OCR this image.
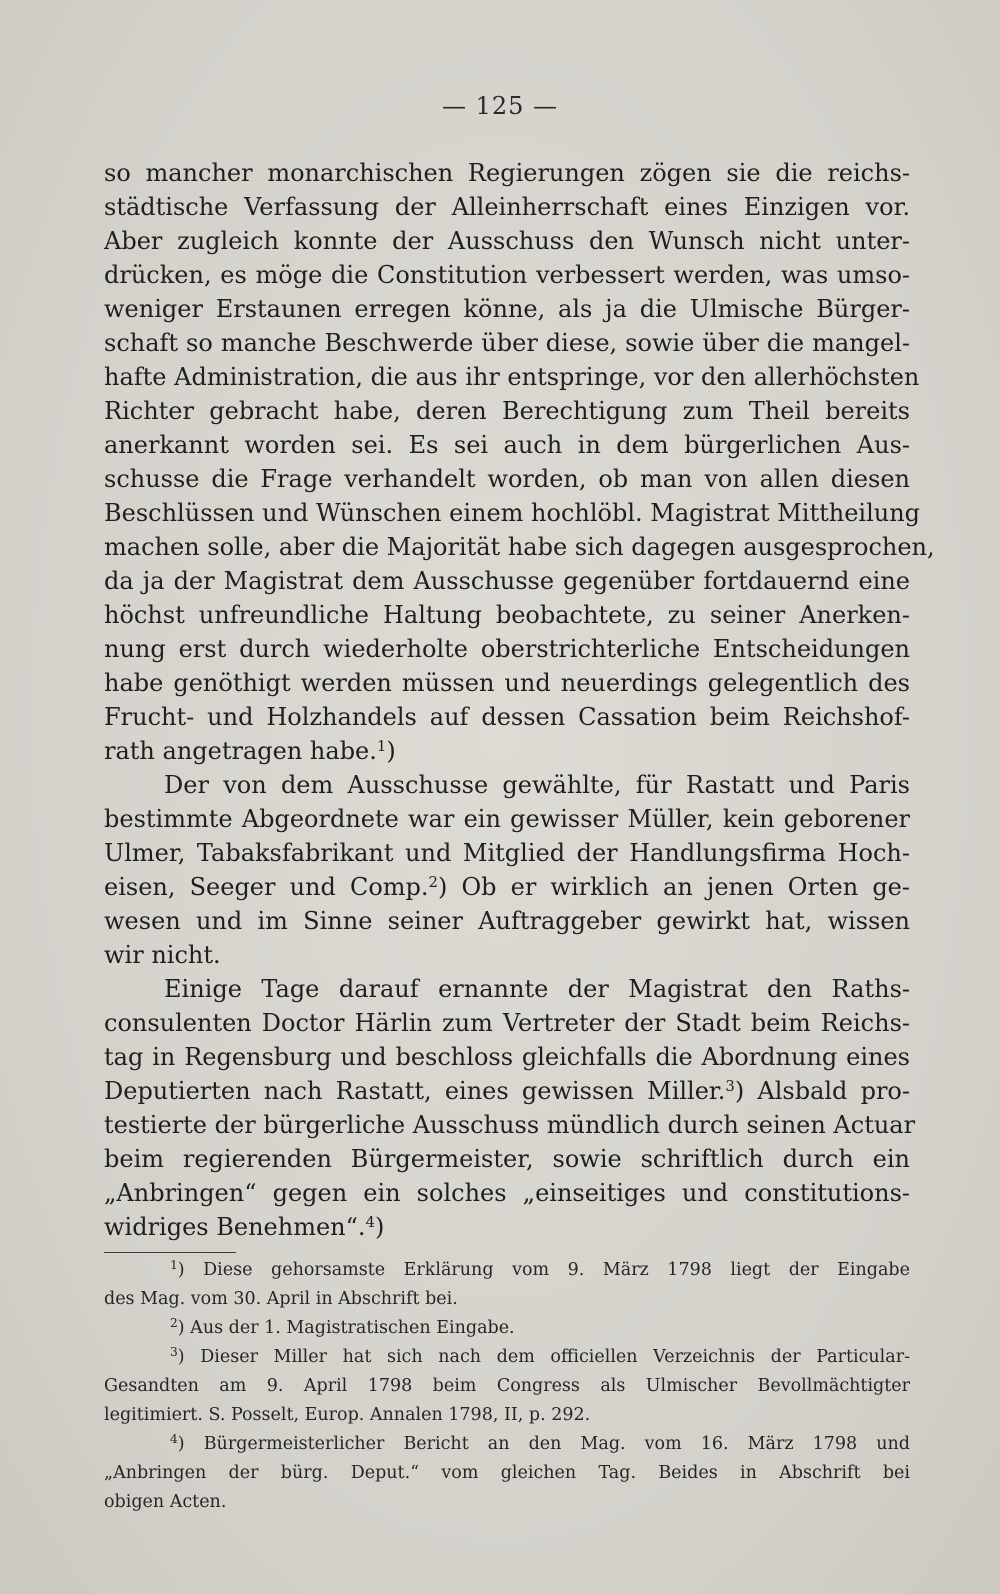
— 125 —
so mancher monarchischen Regierungen zögen sie die reichs-
städtische Verfassung der Alleinherrschaft eines Einzigen vor.
Aber zugleich konnte der Ausschuss den Wunsch nicht unter-
drücken, es möge die Constitution verbessert werden, was umso-
weniger Erstaunen erregen könne, als ja die Ulmische Bürger-
schaft so manche Beschwerde über diese, sowie über die mangel-
hafte Administration, die aus ihr entspringe, vor den allerhöchsten
Richter gebracht habe, deren Berechtigung zum Theil bereits
anerkannt worden sei. Es sei auch in dem bürgerlichen Aus-
schusse die Frage verhandelt worden, ob man von allen diesen
Beschlüssen und Wünschen einem hochlöbl. Magistrat Mittheilung
machen solle, aber die Majorität habe sich dagegen ausgesprochen,
da ja der Magistrat dem Ausschusse gegenüber fortdauernd eine
höchst unfreundliche Haltung beobachtete, zu seiner Anerken-
nung erst durch wiederholte oberstrichterliche Entscheidungen
habe genöthigt werden müssen und neuerdings gelegentlich des
Frucht- und Holzhandels auf dessen Cassation beim Reichshof-
rath angetragen habe.$^1$)
Der von dem Ausschusse gewählte, für Rastatt und Paris
bestimmte Abgeordnete war ein gewisser Müller, kein geborener
Ulmer, Tabaksfabrikant und Mitglied der Handlungsfirma Hoch-
eisen, Seeger und Comp.$^2$) Ob er wirklich an jenen Orten ge-
wesen und im Sinne seiner Auftraggeber gewirkt hat, wissen
wir nicht.
Einige Tage darauf ernannte der Magistrat den Raths-
consulenten Doctor Härlin zum Vertreter der Stadt beim Reichs-
tag in Regensburg und beschloss gleichfalls die Abordnung eines
Deputierten nach Rastatt, eines gewissen Miller.$^3$) Alsbald pro-
testierte der bürgerliche Ausschuss mündlich durch seinen Actuar
beim regierenden Bürgermeister, sowie schriftlich durch ein
„Anbringen“ gegen ein solches „einseitiges und constitutions-
widriges Benehmen“.$^4$)
$^1$) Diese gehorsamste Erklärung vom 9. März 1798 liegt der Eingabe
des Mag. vom 30. April in Abschrift bei.
$^2$) Aus der 1. Magistratischen Eingabe.
$^3$) Dieser Miller hat sich nach dem officiellen Verzeichnis der Particular-
Gesandten am 9. April 1798 beim Congress als Ulmischer Bevollmächtigter
legitimiert. S. Posselt, Europ. Annalen 1798, II, p. 292.
$^4$) Bürgermeisterlicher Bericht an den Mag. vom 16. März 1798 und
„Anbringen der bürg. Deput.“ vom gleichen Tag. Beides in Abschrift bei
obigen Acten.
